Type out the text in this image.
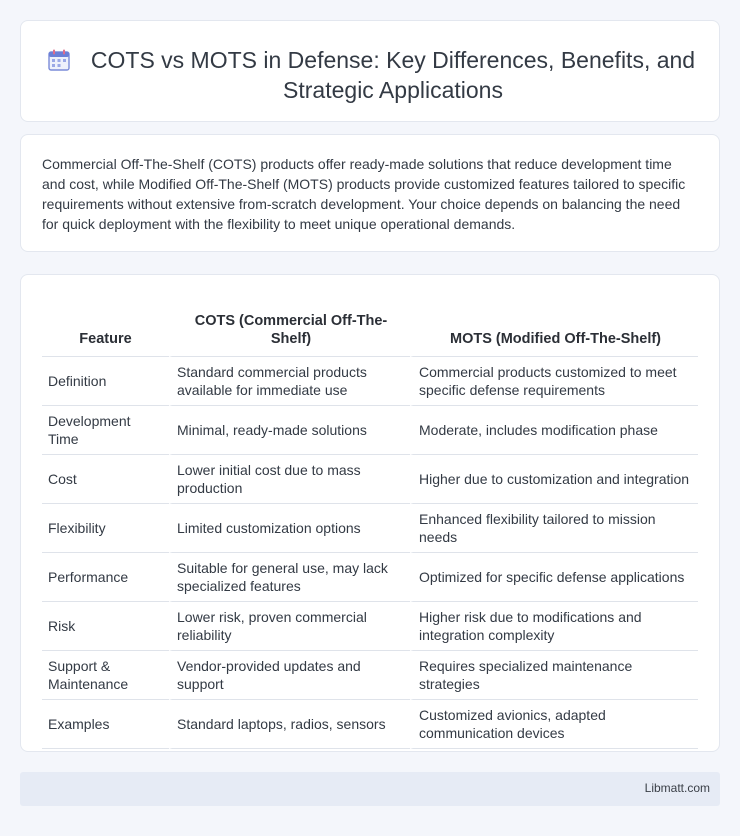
COTS vs MOTS in Defense: Key Differences, Benefits, and Strategic Applications

Commercial Off-The-Shelf (COTS) products offer ready-made solutions that reduce development time and cost, while Modified Off-The-Shelf (MOTS) products provide customized features tailored to specific requirements without extensive from-scratch development. Your choice depends on balancing the need for quick deployment with the flexibility to meet unique operational demands.

Feature	COTS (Commercial Off-The-Shelf)	MOTS (Modified Off-The-Shelf)
Definition	Standard commercial products available for immediate use	Commercial products customized to meet specific defense requirements
Development Time	Minimal, ready-made solutions	Moderate, includes modification phase
Cost	Lower initial cost due to mass production	Higher due to customization and integration
Flexibility	Limited customization options	Enhanced flexibility tailored to mission needs
Performance	Suitable for general use, may lack specialized features	Optimized for specific defense applications
Risk	Lower risk, proven commercial reliability	Higher risk due to modifications and integration complexity
Support & Maintenance	Vendor-provided updates and support	Requires specialized maintenance strategies
Examples	Standard laptops, radios, sensors	Customized avionics, adapted communication devices
Libmatt.com
